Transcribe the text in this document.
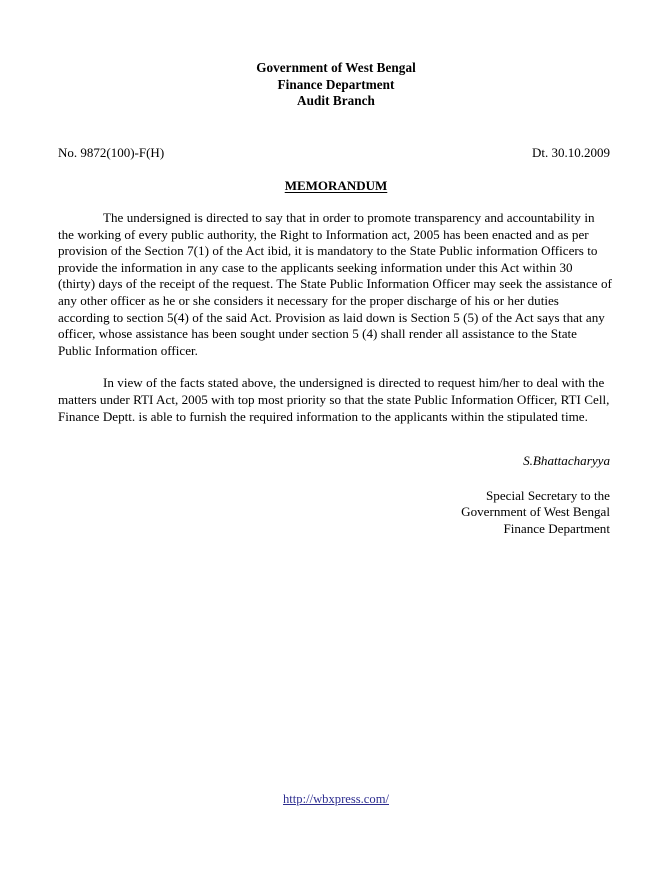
Government of West Bengal
Finance Department
Audit Branch
No. 9872(100)-F(H)	Dt. 30.10.2009
MEMORANDUM

The undersigned is directed to say that in order to promote transparency and accountability in the working of every public authority, the Right to Information act, 2005 has been enacted and as per provision of the Section 7(1) of the Act ibid, it is mandatory to the State Public information Officers to provide the information in any case to the applicants seeking information under this Act within 30 (thirty) days of the receipt of the request. The State Public Information Officer may seek the assistance of any other officer as he or she considers it necessary for the proper discharge of his or her duties according to section 5(4) of the said Act. Provision as laid down is Section 5 (5) of the Act says that any officer, whose assistance has been sought under section 5 (4) shall render all assistance to the State Public Information officer.

In view of the facts stated above, the undersigned is directed to request him/her to deal with the matters under RTI Act, 2005 with top most priority so that the state Public Information Officer, RTI Cell, Finance Deptt. is able to furnish the required information to the applicants within the stipulated time.

S.Bhattacharyya
Special Secretary to the
Government of West Bengal
Finance Department
http://wbxpress.com/
